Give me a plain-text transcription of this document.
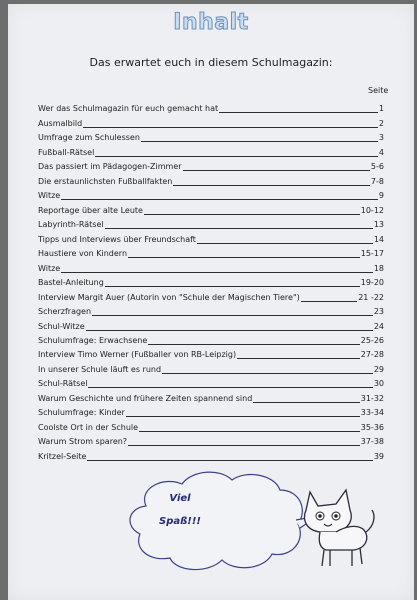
Inhalt
Das erwartet euch in diesem Schulmagazin:
Seite
Wer das Schulmagazin für euch gemacht hat	1
Ausmalbild	2
Umfrage zum Schulessen	3
Fußball-Rätsel	4
Das passiert im Pädagogen-Zimmer	5-6
Die erstaunlichsten Fußballfakten	7-8
Witze	9
Reportage über alte Leute	10-12
Labyrinth-Rätsel	13
Tipps und Interviews über Freundschaft	14
Haustiere von Kindern	15-17
Witze	18
Bastel-Anleitung	19-20
Interview Margit Auer (Autorin von "Schule der Magischen Tiere")	21 -22
Scherzfragen	23
Schul-Witze	24
Schulumfrage: Erwachsene	25-26
Interview Timo Werner (Fußballer von RB-Leipzig)	27-28
In unserer Schule läuft es rund	29
Schul-Rätsel	30
Warum Geschichte und frühere Zeiten spannend sind	31-32
Schulumfrage: Kinder	33-34
Coolste Ort in der Schule	35-36
Warum Strom sparen?	37-38
Kritzel-Seite	39
Viel
Spaß!!!
